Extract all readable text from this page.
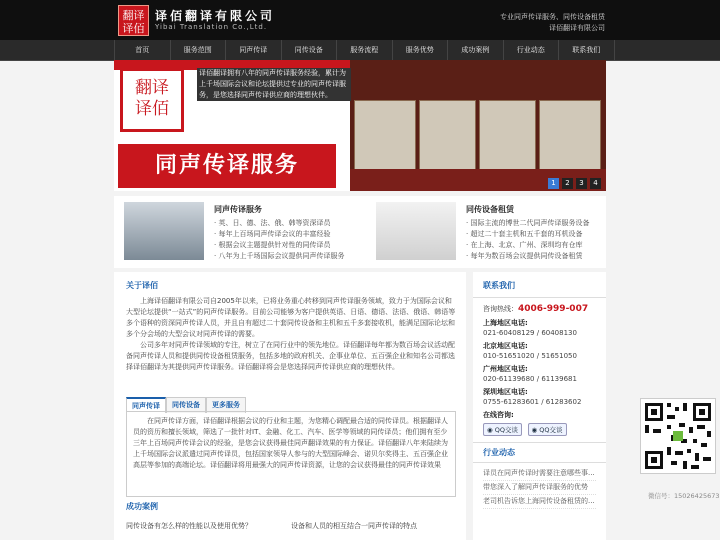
翻译
译佰
译佰翻译有限公司
Yibai Translation Co.,Ltd.
专业同声传译服务、同传设备租赁
译佰翻译有限公司
首页	服务范围	同声传译	同传设备	服务流程	服务优势	成功案例	行业动态	联系我们
翻译
译佰
译佰翻译拥有八年的同声传译服务经验，累计为上千场国际会议和论坛提供过专业的同声传译服务，是您选择同声传译供应商的理想伙伴。
同声传译服务
1	2	3	4
同声传译服务
· 英、日、德、法、俄、韩等资深译员
· 每年上百场同声传译会议的丰富经验
· 根据会议主题提供针对性的同传译员
· 八年为上千场国际会议提供同声传译服务
同传设备租赁
· 国际主流的博世二代同声传译服务设备
· 超过二十套主机和五千套的耳机设备
· 在上海、北京、广州、深圳均有仓库
· 每年为数百场会议提供同传设备租赁
关于译佰

上海译佰翻译有限公司自2005年以来，已将业务重心转移到同声传译服务领域，致力于为国际会议和大型论坛提供“一站式”的同声传译服务。目前公司能够为客户提供英语、日语、德语、法语、俄语、韩语等多个语种的资深同声传译人员，并且自有超过二十套同传设备和主机和五千多套接收机，能满足国际论坛和多个分会场的大型会议对同声传译的需要。

公司多年对同声传译领域的专注，树立了在同行业中的领先地位。译佰翻译每年都为数百场会议活动配备同声传译人员和提供同传设备租赁服务，包括多地的政府机关、企事业单位、五百强企业和知名公司都选择译佰翻译为其提供同声传译服务。译佰翻译将会是您选择同声传译供应商的理想伙伴。

同声传译	同传设备	更多服务

在同声传译方面，译佰翻译根据会议的行业和主题，为您精心调配最合适的同传译员。根据翻译人员的资历和擅长领域，筛选了一批针对IT、金融、化工、汽车、医学等领域的同传译员；他们拥有至少三年上百场同声传译会议的经验，是您会议获得最佳同声翻译效果的有力保证。译佰翻译八年来陆续为上千场国际会议派遣过同声传译员，包括国家领导人参与的大型国际峰会、诺贝尔奖得主、五百强企业高层等参加的高端论坛。译佰翻译将用最强大的同声传译资源，让您的会议获得最佳的同声传译效果

成功案例
同传设备有怎么样的性能以及使用优势？	设备和人员的相互结合一同声传译的特点
联系我们
咨询热线：4006-999-007
上海地区电话:
021-60408129 / 60408130
北京地区电话:
010-51651020 / 51651050
广州地区电话:
020-61139680 / 61139681
深圳地区电话:
0755-61283601 / 61283602
在线咨询:
◉ QQ交谈 ◉ QQ交谈
行业动态
译员在同声传译时需要注意哪些事...
带您深入了解同声传译服务的优势
老司机告诉您上海同传设备租赁的...
微信号：15026425673
